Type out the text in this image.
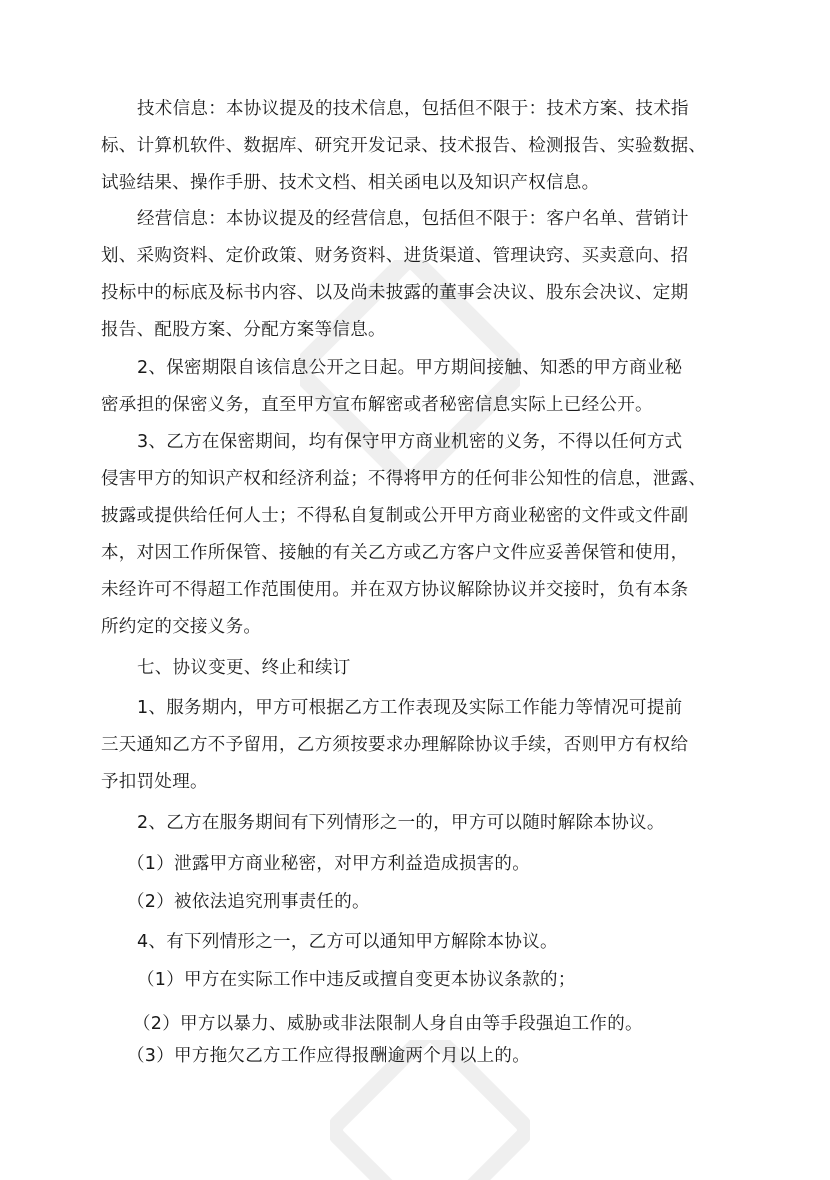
技术信息：本协议提及的技术信息，包括但不限于：技术方案、技术指
标、计算机软件、数据库、研究开发记录、技术报告、检测报告、实验数据、
试验结果、操作手册、技术文档、相关函电以及知识产权信息。
经营信息：本协议提及的经营信息，包括但不限于：客户名单、营销计
划、采购资料、定价政策、财务资料、进货渠道、管理诀窍、买卖意向、招
投标中的标底及标书内容、以及尚未披露的董事会决议、股东会决议、定期
报告、配股方案、分配方案等信息。
2、保密期限自该信息公开之日起。甲方期间接触、知悉的甲方商业秘
密承担的保密义务，直至甲方宣布解密或者秘密信息实际上已经公开。
3、乙方在保密期间，均有保守甲方商业机密的义务，不得以任何方式
侵害甲方的知识产权和经济利益；不得将甲方的任何非公知性的信息，泄露、
披露或提供给任何人士；不得私自复制或公开甲方商业秘密的文件或文件副
本，对因工作所保管、接触的有关乙方或乙方客户文件应妥善保管和使用，
未经许可不得超工作范围使用。并在双方协议解除协议并交接时，负有本条
所约定的交接义务。
七、协议变更、终止和续订
1、服务期内，甲方可根据乙方工作表现及实际工作能力等情况可提前
三天通知乙方不予留用，乙方须按要求办理解除协议手续，否则甲方有权给
予扣罚处理。
2、乙方在服务期间有下列情形之一的，甲方可以随时解除本协议。
（1）泄露甲方商业秘密，对甲方利益造成损害的。
（2）被依法追究刑事责任的。
4、有下列情形之一，乙方可以通知甲方解除本协议。
（1）甲方在实际工作中违反或擅自变更本协议条款的；
（2）甲方以暴力、威胁或非法限制人身自由等手段强迫工作的。
（3）甲方拖欠乙方工作应得报酬逾两个月以上的。
